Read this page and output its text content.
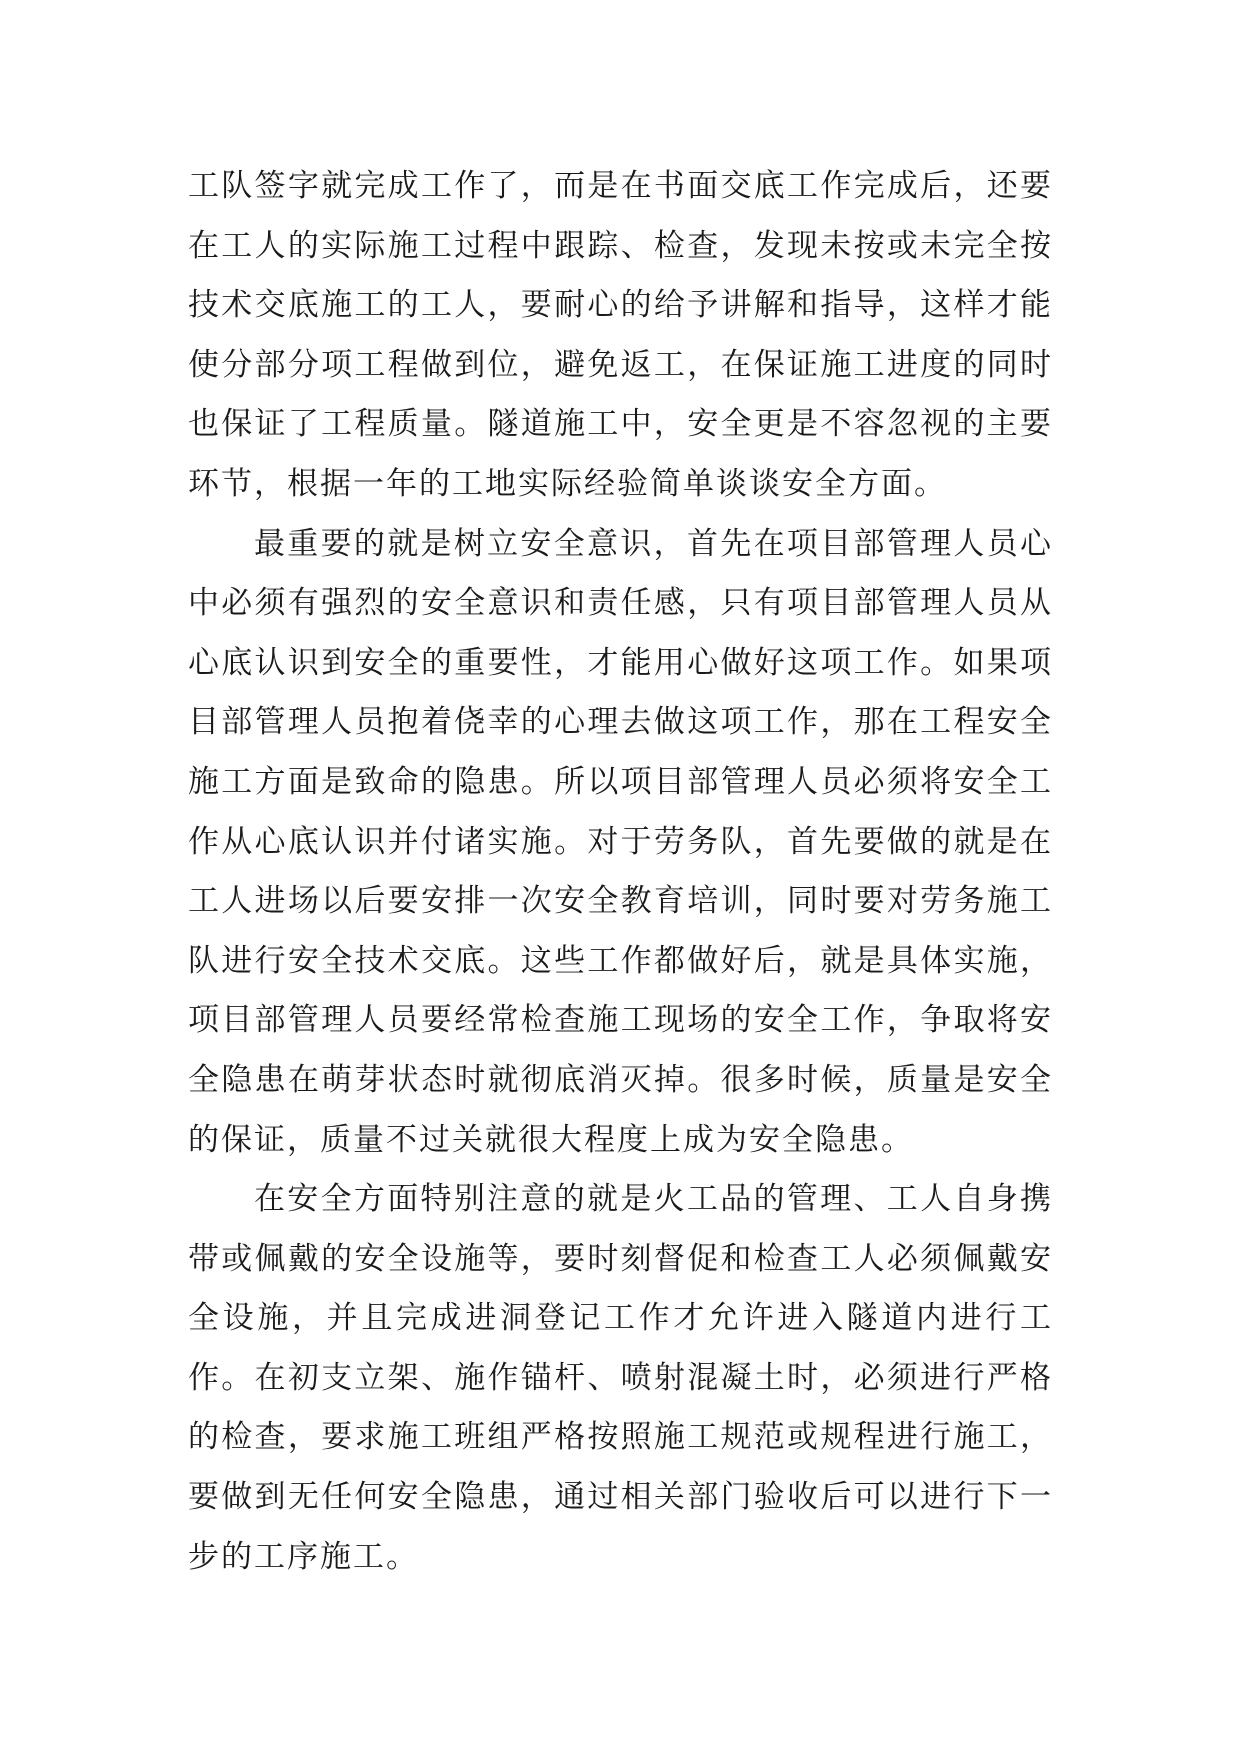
工队签字就完成工作了，而是在书面交底工作完成后，还要在工人的实际施工过程中跟踪、检查，发现未按或未完全按技术交底施工的工人，要耐心的给予讲解和指导，这样才能使分部分项工程做到位，避免返工，在保证施工进度的同时也保证了工程质量。隧道施工中，安全更是不容忽视的主要环节，根据一年的工地实际经验简单谈谈安全方面。

最重要的就是树立安全意识，首先在项目部管理人员心中必须有强烈的安全意识和责任感，只有项目部管理人员从心底认识到安全的重要性，才能用心做好这项工作。如果项目部管理人员抱着侥幸的心理去做这项工作，那在工程安全施工方面是致命的隐患。所以项目部管理人员必须将安全工作从心底认识并付诸实施。对于劳务队，首先要做的就是在工人进场以后要安排一次安全教育培训，同时要对劳务施工队进行安全技术交底。这些工作都做好后，就是具体实施，项目部管理人员要经常检查施工现场的安全工作，争取将安全隐患在萌芽状态时就彻底消灭掉。很多时候，质量是安全的保证，质量不过关就很大程度上成为安全隐患。

在安全方面特别注意的就是火工品的管理、工人自身携带或佩戴的安全设施等，要时刻督促和检查工人必须佩戴安全设施，并且完成进洞登记工作才允许进入隧道内进行工作。在初支立架、施作锚杆、喷射混凝土时，必须进行严格的检查，要求施工班组严格按照施工规范或规程进行施工，要做到无任何安全隐患，通过相关部门验收后可以进行下一步的工序施工。
